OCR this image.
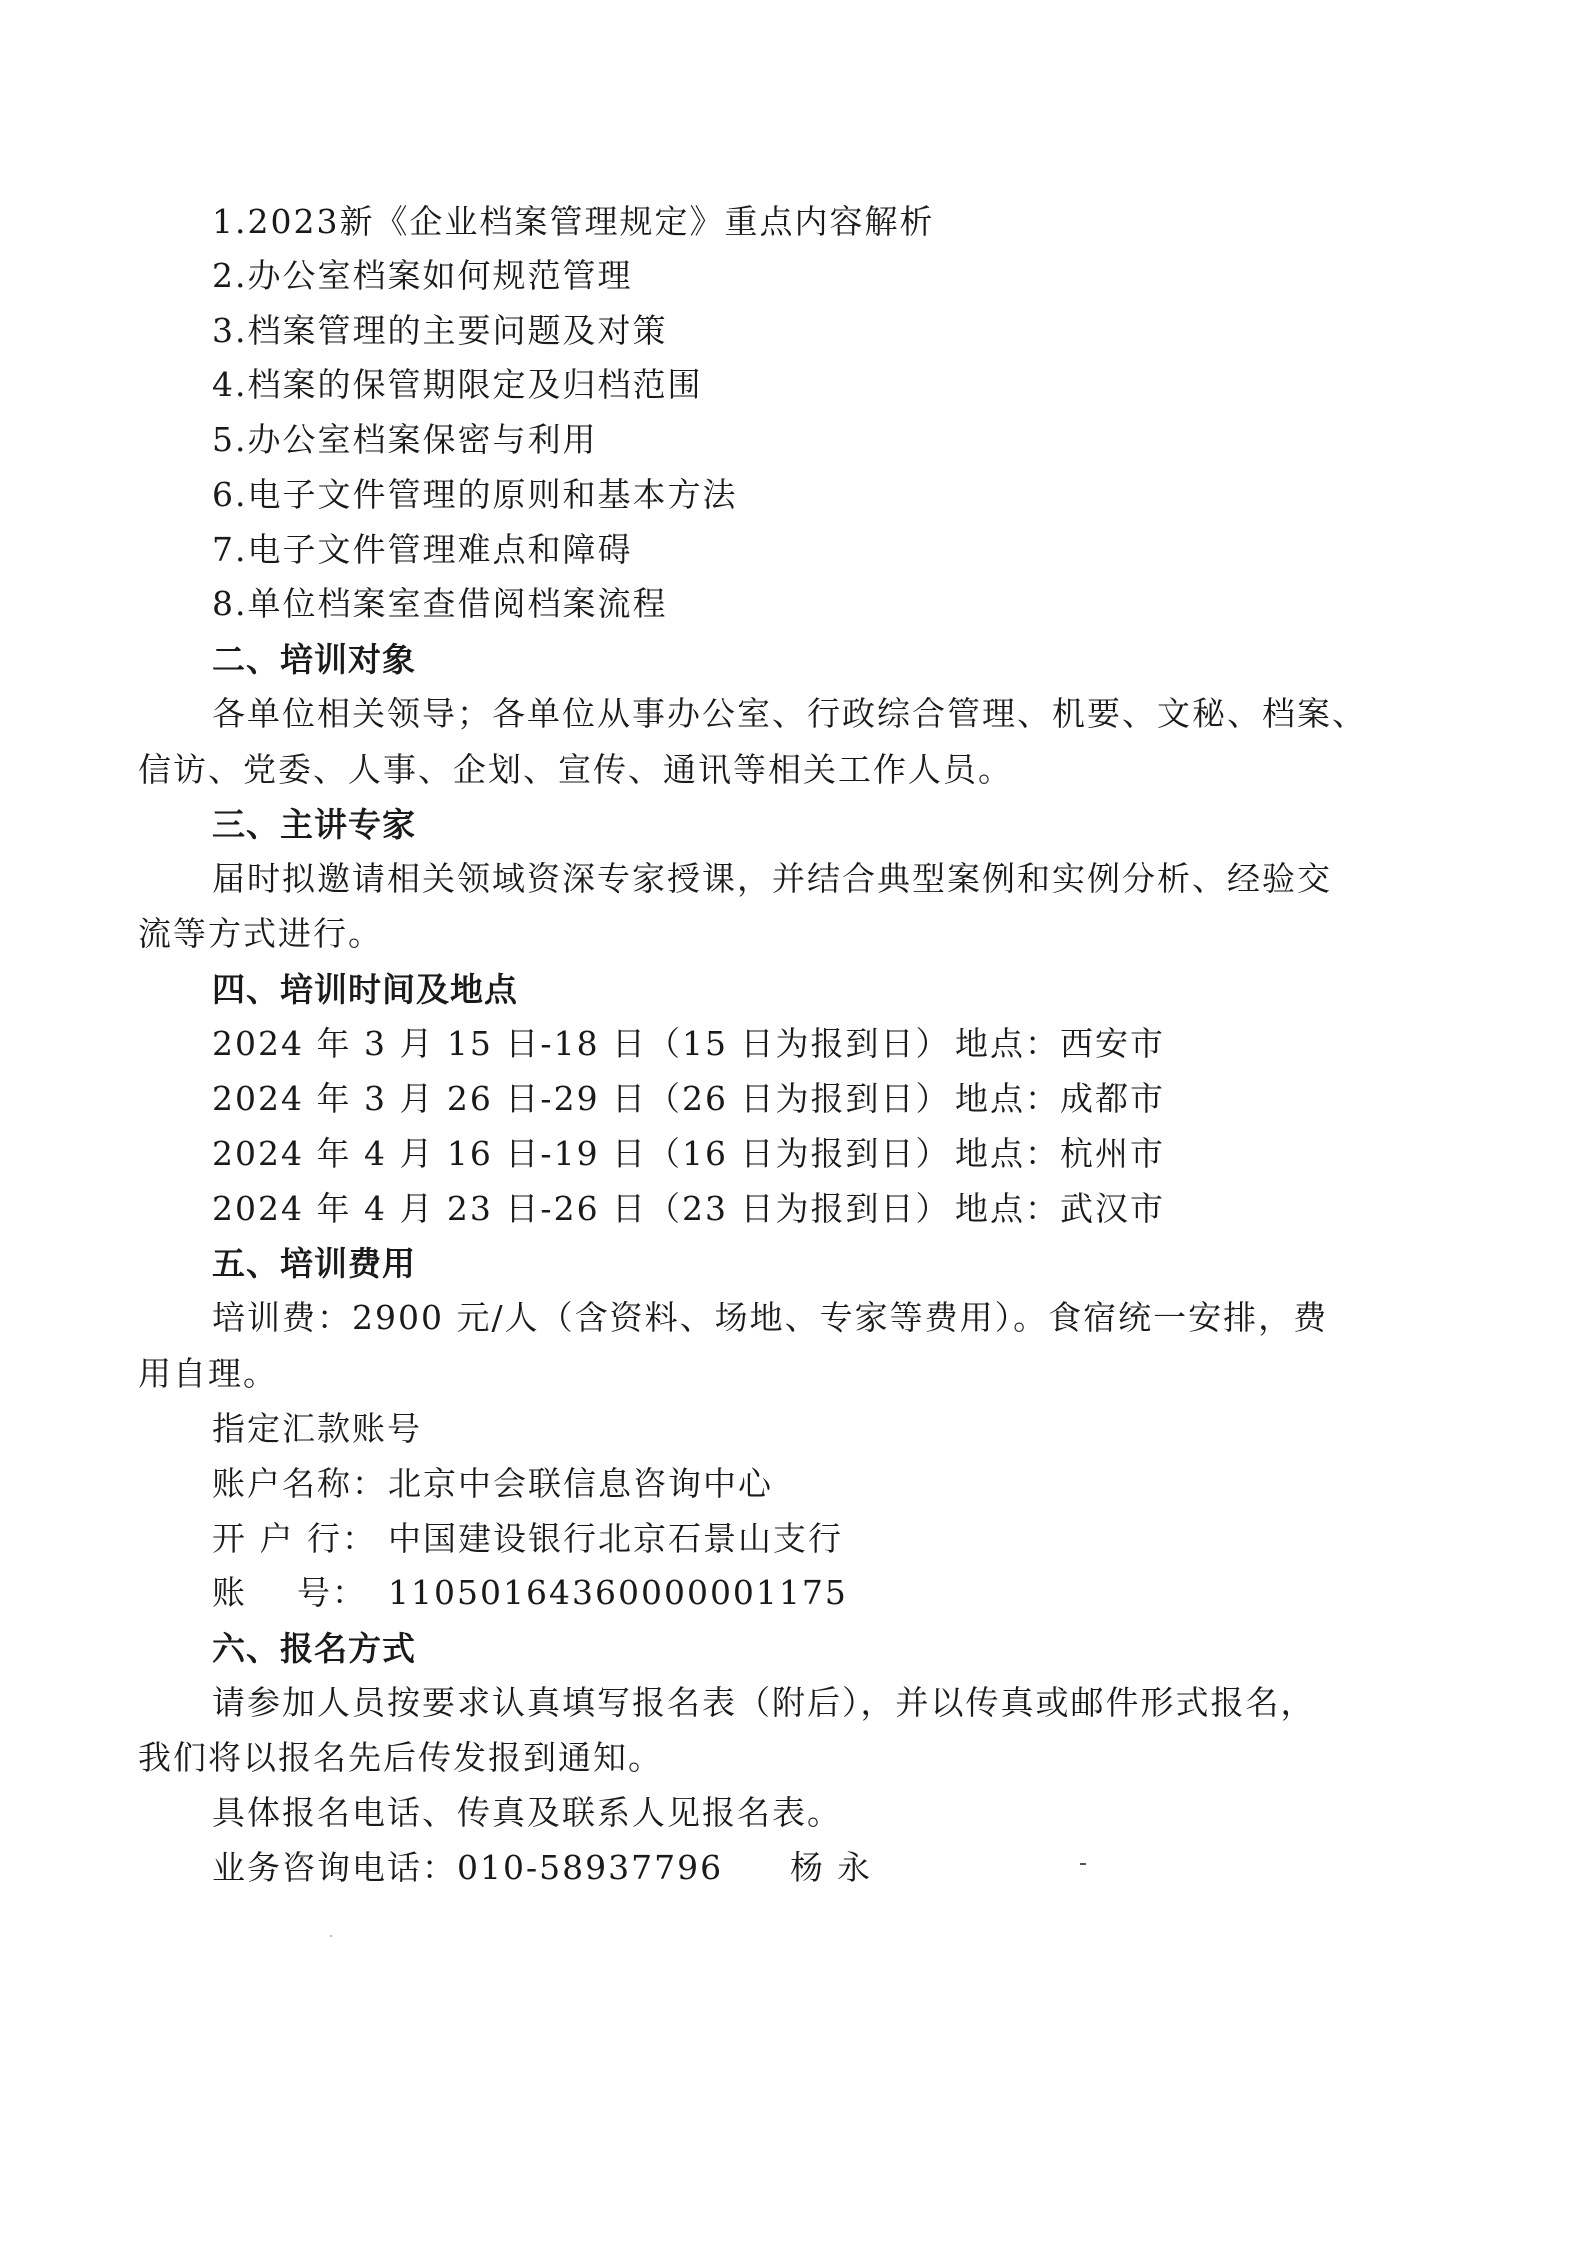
1.2023新《企业档案管理规定》重点内容解析
2.办公室档案如何规范管理
3.档案管理的主要问题及对策
4.档案的保管期限定及归档范围
5.办公室档案保密与利用
6.电子文件管理的原则和基本方法
7.电子文件管理难点和障碍
8.单位档案室查借阅档案流程
二、培训对象
各单位相关领导；各单位从事办公室、行政综合管理、机要、文秘、档案、
信访、党委、人事、企划、宣传、通讯等相关工作人员。
三、主讲专家
届时拟邀请相关领域资深专家授课，并结合典型案例和实例分析、经验交
流等方式进行。
四、培训时间及地点
2024 年 3 月 15 日-18 日（15 日为报到日） 地点：西安市
2024 年 3 月 26 日-29 日（26 日为报到日） 地点：成都市
2024 年 4 月 16 日-19 日（16 日为报到日） 地点：杭州市
2024 年 4 月 23 日-26 日（23 日为报到日） 地点：武汉市
五、培训费用
培训费：2900 元/人（含资料、场地、专家等费用）。食宿统一安排，费
用自理。
指定汇款账号
账户名称：北京中会联信息咨询中心
开 户 行： 中国建设银行北京石景山支行
账    号： 11050164360000001175
六、报名方式
请参加人员按要求认真填写报名表（附后），并以传真或邮件形式报名，
我们将以报名先后传发报到通知。
具体报名电话、传真及联系人见报名表。
业务咨询电话：010-58937796 杨永
